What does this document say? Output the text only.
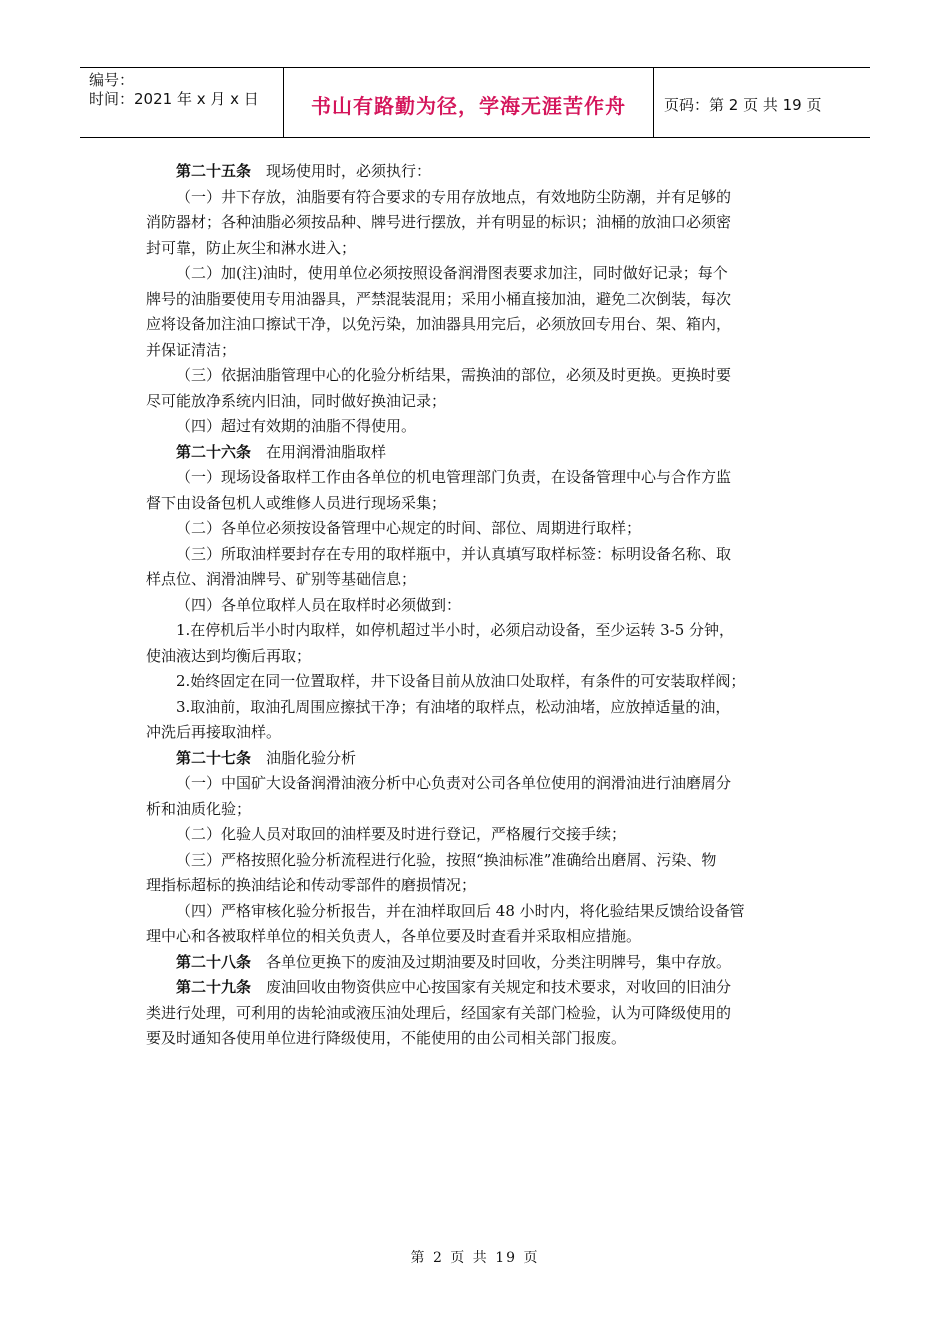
编号：
时间：2021 年 x 月 x 日	书山有路勤为径，学海无涯苦作舟	页码：第 2 页 共 19 页
第二十五条 现场使用时，必须执行：
（一）井下存放，油脂要有符合要求的专用存放地点，有效地防尘防潮，并有足够的
消防器材；各种油脂必须按品种、牌号进行摆放，并有明显的标识；油桶的放油口必须密
封可靠，防止灰尘和淋水进入；
（二）加(注)油时，使用单位必须按照设备润滑图表要求加注，同时做好记录；每个
牌号的油脂要使用专用油器具，严禁混装混用；采用小桶直接加油，避免二次倒装，每次
应将设备加注油口擦试干净，以免污染，加油器具用完后，必须放回专用台、架、箱内，
并保证清洁；
（三）依据油脂管理中心的化验分析结果，需换油的部位，必须及时更换。更换时要
尽可能放净系统内旧油，同时做好换油记录；
（四）超过有效期的油脂不得使用。
第二十六条 在用润滑油脂取样
（一）现场设备取样工作由各单位的机电管理部门负责，在设备管理中心与合作方监
督下由设备包机人或维修人员进行现场采集；
（二）各单位必须按设备管理中心规定的时间、部位、周期进行取样；
（三）所取油样要封存在专用的取样瓶中，并认真填写取样标签：标明设备名称、取
样点位、润滑油牌号、矿别等基础信息；
（四）各单位取样人员在取样时必须做到：
1.在停机后半小时内取样，如停机超过半小时，必须启动设备，至少运转 3-5 分钟，
使油液达到均衡后再取；
2.始终固定在同一位置取样，井下设备目前从放油口处取样，有条件的可安装取样阀；
3.取油前，取油孔周围应擦拭干净；有油堵的取样点，松动油堵，应放掉适量的油，
冲洗后再接取油样。
第二十七条 油脂化验分析
（一）中国矿大设备润滑油液分析中心负责对公司各单位使用的润滑油进行油磨屑分
析和油质化验；
（二）化验人员对取回的油样要及时进行登记，严格履行交接手续；
（三）严格按照化验分析流程进行化验，按照“换油标准”准确给出磨屑、污染、物
理指标超标的换油结论和传动零部件的磨损情况；
（四）严格审核化验分析报告，并在油样取回后 48 小时内，将化验结果反馈给设备管
理中心和各被取样单位的相关负责人，各单位要及时查看并采取相应措施。
第二十八条 各单位更换下的废油及过期油要及时回收，分类注明牌号，集中存放。
第二十九条 废油回收由物资供应中心按国家有关规定和技术要求，对收回的旧油分
类进行处理，可利用的齿轮油或液压油处理后，经国家有关部门检验，认为可降级使用的
要及时通知各使用单位进行降级使用，不能使用的由公司相关部门报废。
第 2 页 共 19 页
